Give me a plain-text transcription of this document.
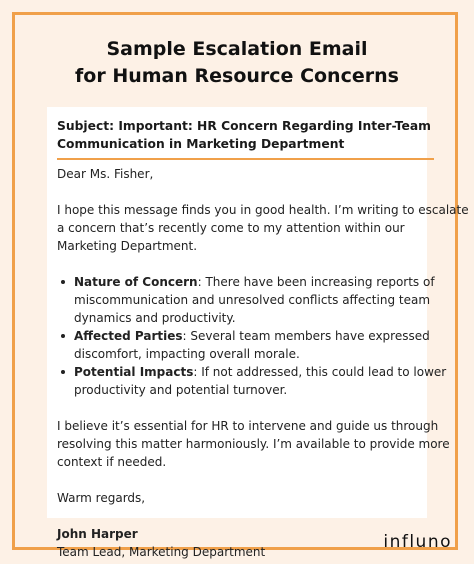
Sample Escalation Email
for Human Resource Concerns
Subject: Important: HR Concern Regarding Inter-Team
Communication in Marketing Department

Dear Ms. Fisher,

I hope this message finds you in good health. I’m writing to escalate
a concern that’s recently come to my attention within our
Marketing Department.

Nature of Concern: There have been increasing reports of
miscommunication and unresolved conflicts affecting team
dynamics and productivity.
Affected Parties: Several team members have expressed
discomfort, impacting overall morale.
Potential Impacts: If not addressed, this could lead to lower
productivity and potential turnover.

I believe it’s essential for HR to intervene and guide us through
resolving this matter harmoniously. I’m available to provide more
context if needed.

Warm regards,

John Harper

Team Lead, Marketing Department	influno
